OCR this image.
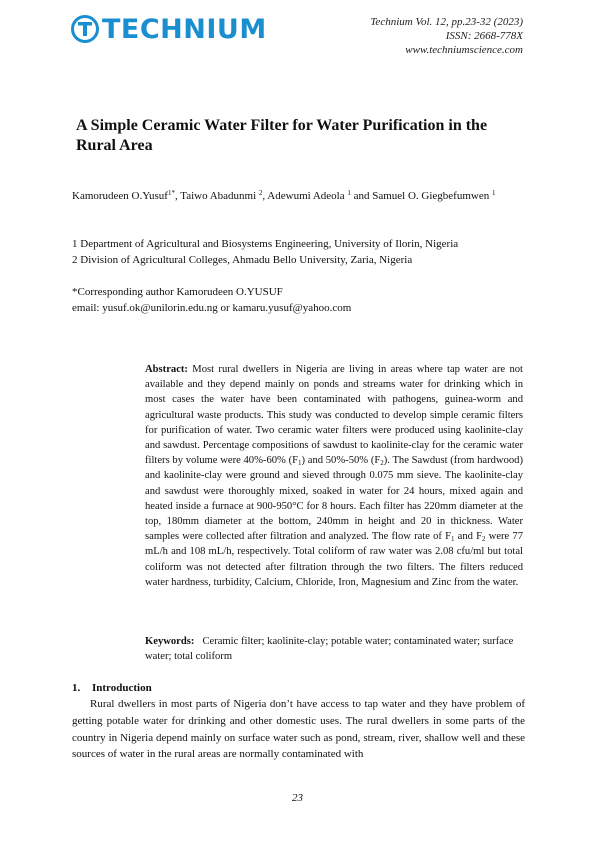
TECHNIUM	Technium Vol. 12, pp.23-32 (2023)
ISSN: 2668-778X
www.techniumscience.com
A Simple Ceramic Water Filter for Water Purification in the Rural Area
Kamorudeen O.Yusuf$^{1*}$, Taiwo Abadunmi $^2$, Adewumi Adeola $^1$ and Samuel O. Giegbefumwen $^1$
1 Department of Agricultural and Biosystems Engineering, University of Ilorin, Nigeria
2 Division of Agricultural Colleges, Ahmadu Bello University, Zaria, Nigeria
*Corresponding author Kamorudeen O.YUSUF
email: yusuf.ok@unilorin.edu.ng or kamaru.yusuf@yahoo.com
Abstract: Most rural dwellers in Nigeria are living in areas where tap water are not available and they depend mainly on ponds and streams water for drinking which in most cases the water have been contaminated with pathogens, guinea-worm and agricultural waste products. This study was conducted to develop simple ceramic filters for purification of water. Two ceramic water filters were produced using kaolinite-clay and sawdust. Percentage compositions of sawdust to kaolinite-clay for the ceramic water filters by volume were 40%-60% $(F_1)$ and 50%-50% $(F_2)$. The Sawdust (from hardwood) and kaolinite-clay were ground and sieved through 0.075 mm sieve. The kaolinite-clay and sawdust were thoroughly mixed, soaked in water for 24 hours, mixed again and heated inside a furnace at 900-950°C for 8 hours. Each filter has 220mm diameter at the top, 180mm diameter at the bottom, 240mm in height and 20 in thickness. Water samples were collected after filtration and analyzed. The flow rate of $F_1$ and $F_2$ were 77 mL/h and 108 mL/h, respectively. Total coliform of raw water was 2.08 cfu/ml but total coliform was not detected after filtration through the two filters. The filters reduced water hardness, turbidity, Calcium, Chloride, Iron, Magnesium and Zinc from the water.
Keywords: Ceramic filter; kaolinite-clay; potable water; contaminated water; surface water; total coliform
1. Introduction
Rural dwellers in most parts of Nigeria don’t have access to tap water and they have problem of getting potable water for drinking and other domestic uses. The rural dwellers in some parts of the country in Nigeria depend mainly on surface water such as pond, stream, river, shallow well and these sources of water in the rural areas are normally contaminated with
23
